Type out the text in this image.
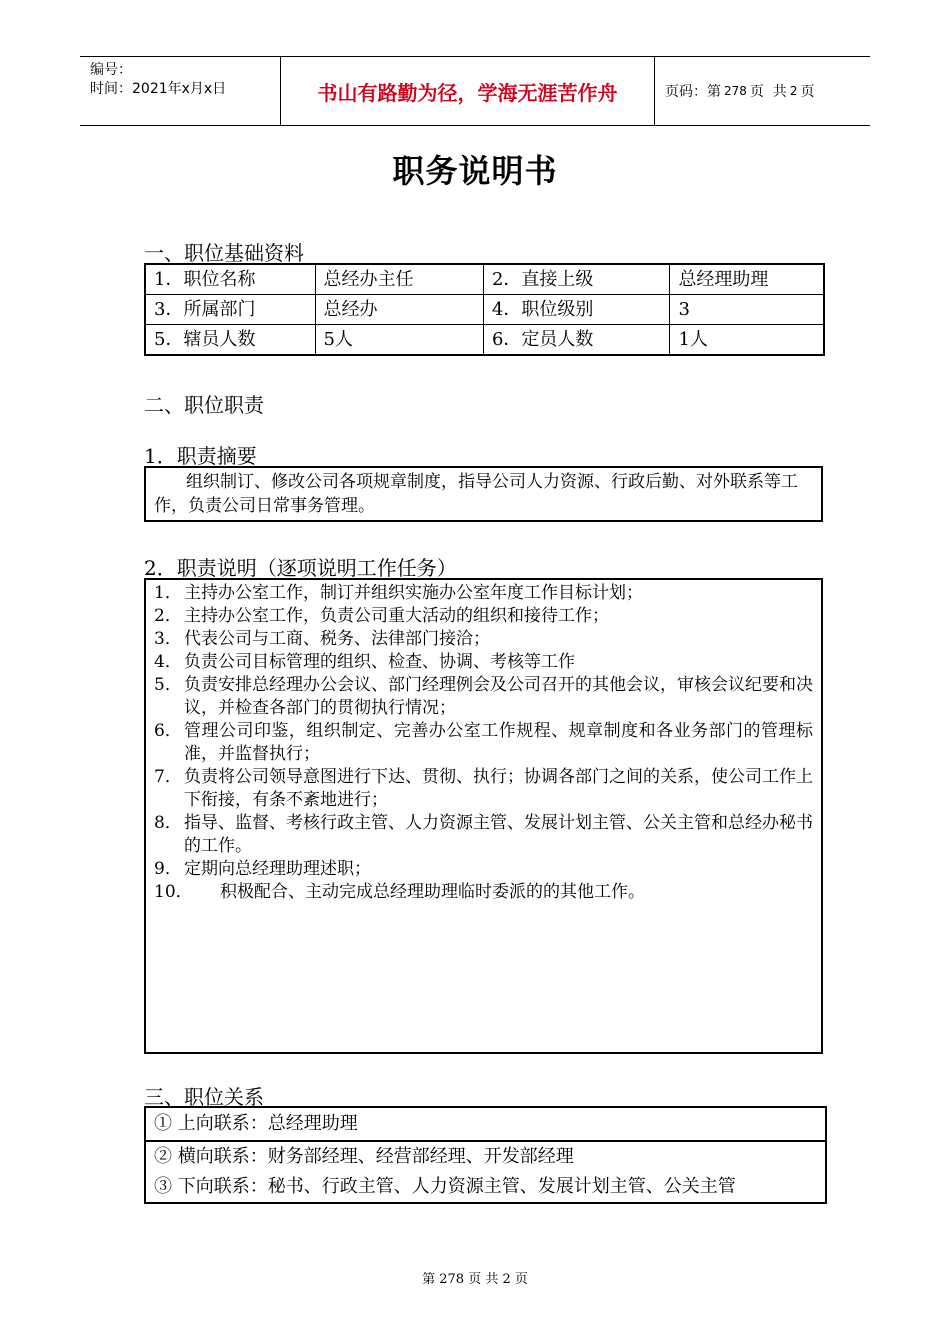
编号：
时间：2021年x月x日	书山有路勤为径，学海无涯苦作舟	页码：第 278 页  共 2 页
职务说明书
一、职位基础资料
1．职位名称	总经办主任	2．直接上级	总经理助理
3．所属部门	总经办	4．职位级别	3
5．辖员人数	5人	6．定员人数	1人
二、职位职责
1．职责摘要
组织制订、修改公司各项规章制度，指导公司人力资源、行政后勤、对外联系等工作，负责公司日常事务管理。
2．职责说明（逐项说明工作任务）
1． 主持办公室工作，制订并组织实施办公室年度工作目标计划；
2． 主持办公室工作，负责公司重大活动的组织和接待工作；
3． 代表公司与工商、税务、法律部门接洽；
4． 负责公司目标管理的组织、检查、协调、考核等工作
5． 负责安排总经理办公会议、部门经理例会及公司召开的其他会议，审核会议纪要和决议，并检查各部门的贯彻执行情况；
6． 管理公司印鉴，组织制定、完善办公室工作规程、规章制度和各业务部门的管理标准，并监督执行；
7． 负责将公司领导意图进行下达、贯彻、执行；协调各部门之间的关系，使公司工作上下衔接，有条不紊地进行；
8． 指导、监督、考核行政主管、人力资源主管、发展计划主管、公关主管和总经办秘书的工作。
9． 定期向总经理助理述职；
10．	积极配合、主动完成总经理助理临时委派的的其他工作。
三、职位关系
① 上向联系：总经理助理
② 横向联系：财务部经理、经营部经理、开发部经理
③ 下向联系：秘书、行政主管、人力资源主管、发展计划主管、公关主管
第 278 页 共 2 页
